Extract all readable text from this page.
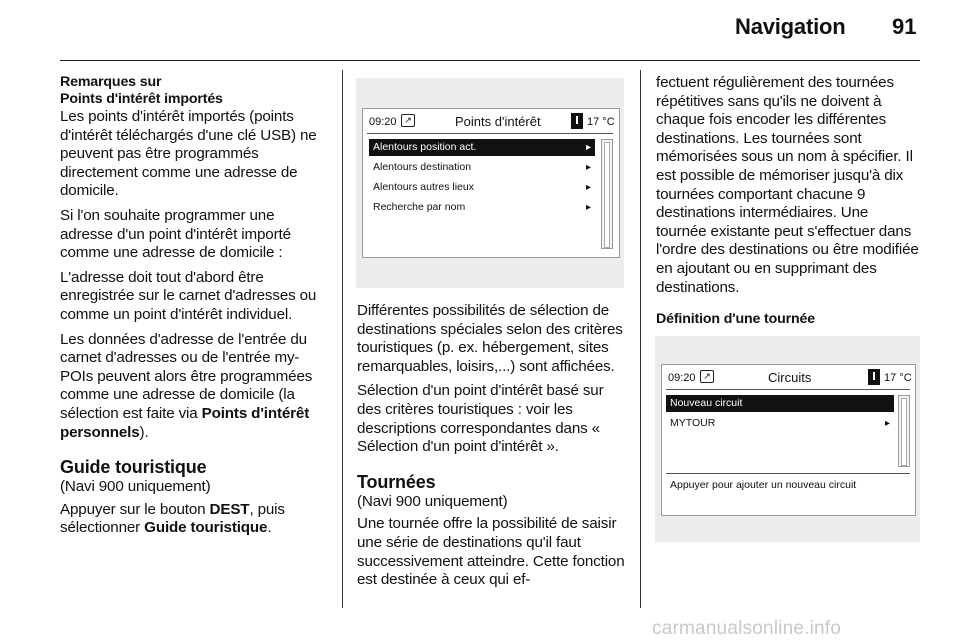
Navigation 91
Remarques sur
Points d'intérêt importés

Les points d'intérêt importés (points d'intérêt téléchargés d'une clé USB) ne peuvent pas être programmés directement comme une adresse de domicile.

Si l'on souhaite programmer une adresse d'un point d'intérêt importé comme une adresse de domicile :

L'adresse doit tout d'abord être enregistrée sur le carnet d'adresses ou comme un point d'intérêt individuel.

Les données d'adresse de l'entrée du carnet d'adresses ou de l'entrée my-POIs peuvent alors être programmées comme une adresse de domicile (la sélection est faite via Points d'intérêt personnels).

Guide touristique

(Navi 900 uniquement)

Appuyer sur le bouton DEST, puis sélectionner Guide touristique.

09:20 ↗	Points d'intérêt	17 °C
Alentours position act.	▸
Alentours destination	▸
Alentours autres lieux	▸
Recherche par nom	▸

Différentes possibilités de sélection de destinations spéciales selon des critères touristiques (p. ex. hébergement, sites remarquables, loisirs,...) sont affichées.

Sélection d'un point d'intérêt basé sur des critères touristiques : voir les descriptions correspondantes dans « Sélection d'un point d'intérêt ».

Tournées

(Navi 900 uniquement)

Une tournée offre la possibilité de saisir une série de destinations qu'il faut successivement atteindre. Cette fonction est destinée à ceux qui ef-

fectuent régulièrement des tournées répétitives sans qu'ils ne doivent à chaque fois encoder les différentes destinations. Les tournées sont mémorisées sous un nom à spécifier. Il est possible de mémoriser jusqu'à dix tournées comportant chacune 9 destinations intermédiaires. Une tournée existante peut s'effectuer dans l'ordre des destinations ou être modifiée en ajoutant ou en supprimant des destinations.

Définition d'une tournée
09:20 ↗	Circuits	17 °C
Nouveau circuit
MYTOUR	▸
Appuyer pour ajouter un nouveau circuit
carmanualsonline.info
